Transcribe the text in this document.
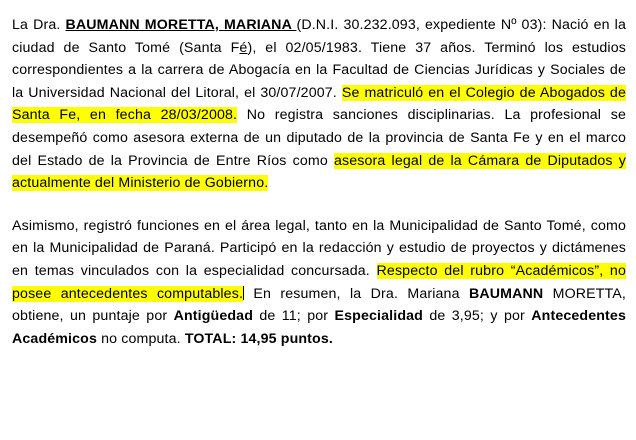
La Dra. BAUMANN MORETTA, MARIANA (D.N.I. 30.232.093, expediente Nº 03): Nació en la ciudad de Santo Tomé (Santa Fé), el 02/05/1983. Tiene 37 años. Terminó los estudios correspondientes a la carrera de Abogacía en la Facultad de Ciencias Jurídicas y Sociales de la Universidad Nacional del Litoral, el 30/07/2007. Se matriculó en el Colegio de Abogados de Santa Fe, en fecha 28/03/2008. No registra sanciones disciplinarias. La profesional se desempeñó como asesora externa de un diputado de la provincia de Santa Fe y en el marco del Estado de la Provincia de Entre Ríos como asesora legal de la Cámara de Diputados y actualmente del Ministerio de Gobierno.

Asimismo, registró funciones en el área legal, tanto en la Municipalidad de Santo Tomé, como en la Municipalidad de Paraná. Participó en la redacción y estudio de proyectos y dictámenes en temas vinculados con la especialidad concursada. Respecto del rubro “Académicos”, no posee antecedentes computables. En resumen, la Dra. Mariana BAUMANN MORETTA, obtiene, un puntaje por Antigüedad de 11; por Especialidad de 3,95; y por Antecedentes Académicos no computa. TOTAL: 14,95 puntos.
